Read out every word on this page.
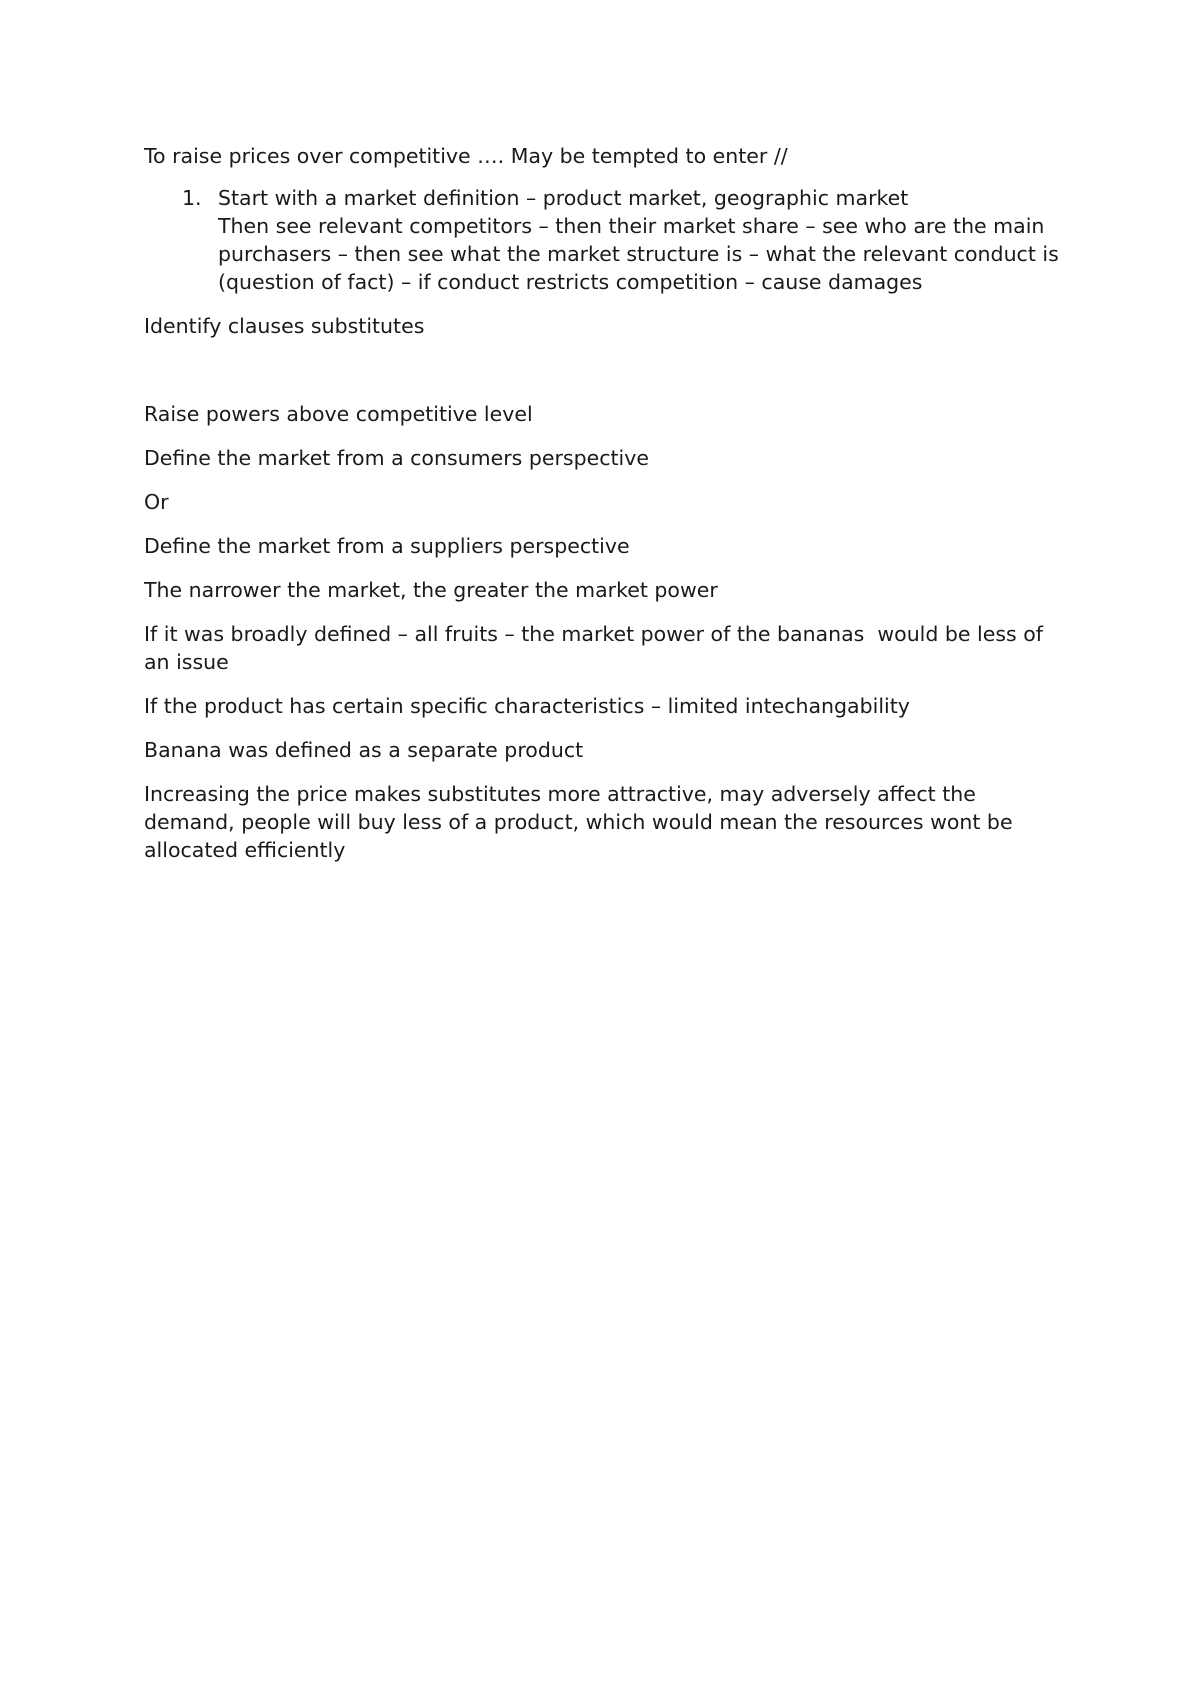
To raise prices over competitive …. May be tempted to enter //

1. Start with a market definition – product market, geographic market
Then see relevant competitors – then their market share – see who are the main purchasers – then see what the market structure is – what the relevant conduct is (question of fact) – if conduct restricts competition – cause damages

Identify clauses substitutes

Raise powers above competitive level

Define the market from a consumers perspective

Or

Define the market from a suppliers perspective

The narrower the market, the greater the market power

If it was broadly defined – all fruits – the market power of the bananas  would be less of an issue

If the product has certain specific characteristics – limited intechangability

Banana was defined as a separate product

Increasing the price makes substitutes more attractive, may adversely affect the demand, people will buy less of a product, which would mean the resources wont be allocated efficiently
